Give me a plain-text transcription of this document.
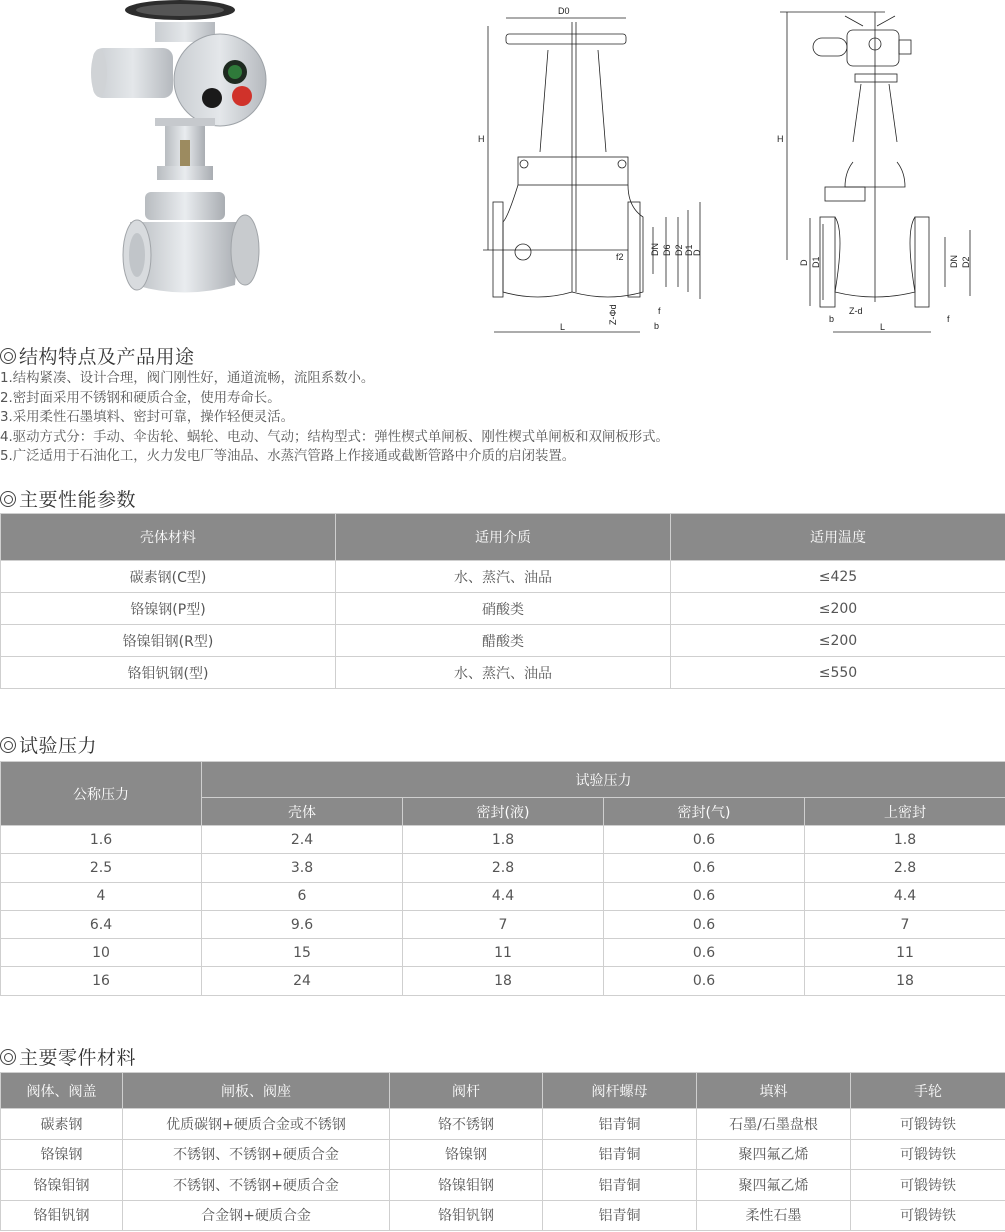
D0
H
DN D6 D2 D1
D
f2
f
b
Z-Φd
L
H
D D1	DN D2
Z-d
b	f
L
结构特点及产品用途
1.结构紧凑、设计合理，阀门刚性好，通道流畅，流阻系数小。
2.密封面采用不锈钢和硬质合金，使用寿命长。
3.采用柔性石墨填料、密封可靠，操作轻便灵活。
4.驱动方式分：手动、伞齿轮、蜗轮、电动、气动；结构型式：弹性楔式单闸板、刚性楔式单闸板和双闸板形式。
5.广泛适用于石油化工，火力发电厂等油品、水蒸汽管路上作接通或截断管路中介质的启闭装置。
主要性能参数
壳体材料	适用介质	适用温度
碳素钢(C型)	水、蒸汽、油品	≤425
铬镍钢(P型)	硝酸类	≤200
铬镍钼钢(R型)	醋酸类	≤200
铬钼钒钢(型)	水、蒸汽、油品	≤550
试验压力
公称压力	试验压力			
	壳体	密封(液)	密封(气)	上密封
1.6	2.4	1.8	0.6	1.8
2.5	3.8	2.8	0.6	2.8
4	6	4.4	0.6	4.4
6.4	9.6	7	0.6	7
10	15	11	0.6	11
16	24	18	0.6	18
主要零件材料
阀体、阀盖	闸板、阀座	阀杆	阀杆螺母	填料	手轮
碳素钢	优质碳钢+硬质合金或不锈钢	铬不锈钢	铝青铜	石墨/石墨盘根	可锻铸铁
铬镍钢	不锈钢、不锈钢+硬质合金	铬镍钢	铝青铜	聚四氟乙烯	可锻铸铁
铬镍钼钢	不锈钢、不锈钢+硬质合金	铬镍钼钢	铝青铜	聚四氟乙烯	可锻铸铁
铬钼钒钢	合金钢+硬质合金	铬钼钒钢	铝青铜	柔性石墨	可锻铸铁
